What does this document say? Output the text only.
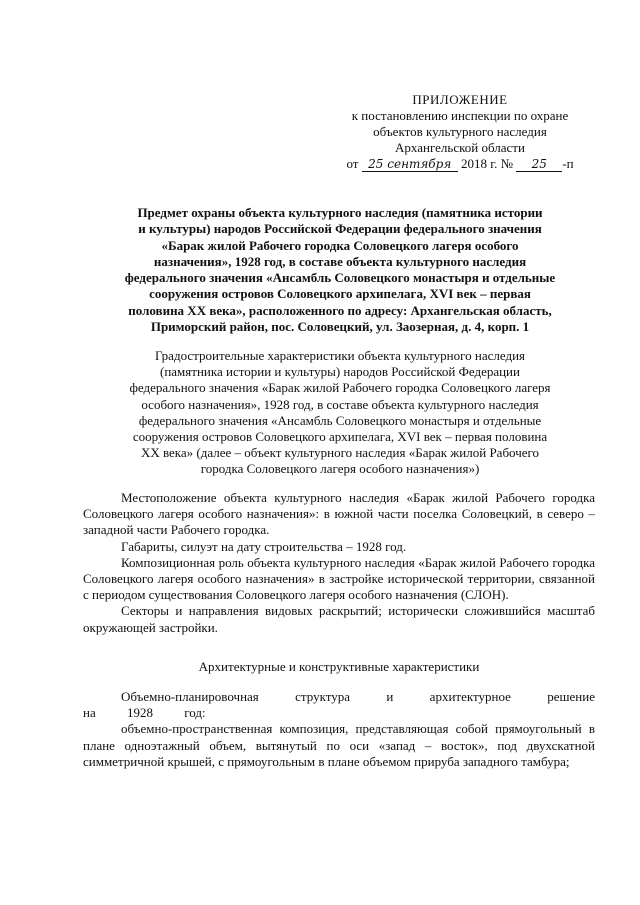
ПРИЛОЖЕНИЕ
к постановлению инспекции по охране
объектов культурного наследия
Архангельской области
от 25 сентября 2018 г. № 25 -п
Предмет охраны объекта культурного наследия (памятника истории
и культуры) народов Российской Федерации федерального значения
«Барак жилой Рабочего городка Соловецкого лагеря особого
назначения», 1928 год, в составе объекта культурного наследия
федерального значения «Ансамбль Соловецкого монастыря и отдельные
сооружения островов Соловецкого архипелага, XVI век – первая
половина XX века», расположенного по адресу: Архангельская область,
Приморский район, пос. Соловецкий, ул. Заозерная, д. 4, корп. 1
Градостроительные характеристики объекта культурного наследия
(памятника истории и культуры) народов Российской Федерации
федерального значения «Барак жилой Рабочего городка Соловецкого лагеря
особого назначения», 1928 год, в составе объекта культурного наследия
федерального значения «Ансамбль Соловецкого монастыря и отдельные
сооружения островов Соловецкого архипелага, XVI век – первая половина
XX века» (далее – объект культурного наследия «Барак жилой Рабочего
городка Соловецкого лагеря особого назначения»)

Местоположение объекта культурного наследия «Барак жилой Рабочего городка Соловецкого лагеря особого назначения»: в южной части поселка Соловецкий, в северо – западной части Рабочего городка.

Габариты, силуэт на дату строительства – 1928 год.

Композиционная роль объекта культурного наследия «Барак жилой Рабочего городка Соловецкого лагеря особого назначения» в застройке исторической территории, связанной с периодом существования Соловецкого лагеря особого назначения (СЛОН).

Секторы и направления видовых раскрытий; исторически сложившийся масштаб окружающей застройки.

Архитектурные и конструктивные характеристики

Объемно-планировочная структура и архитектурное решение на 1928 год:

объемно-пространственная композиция, представляющая собой прямоугольный в плане одноэтажный объем, вытянутый по оси «запад – восток», под двухскатной симметричной крышей, с прямоугольным в плане объемом прируба западного тамбура;
